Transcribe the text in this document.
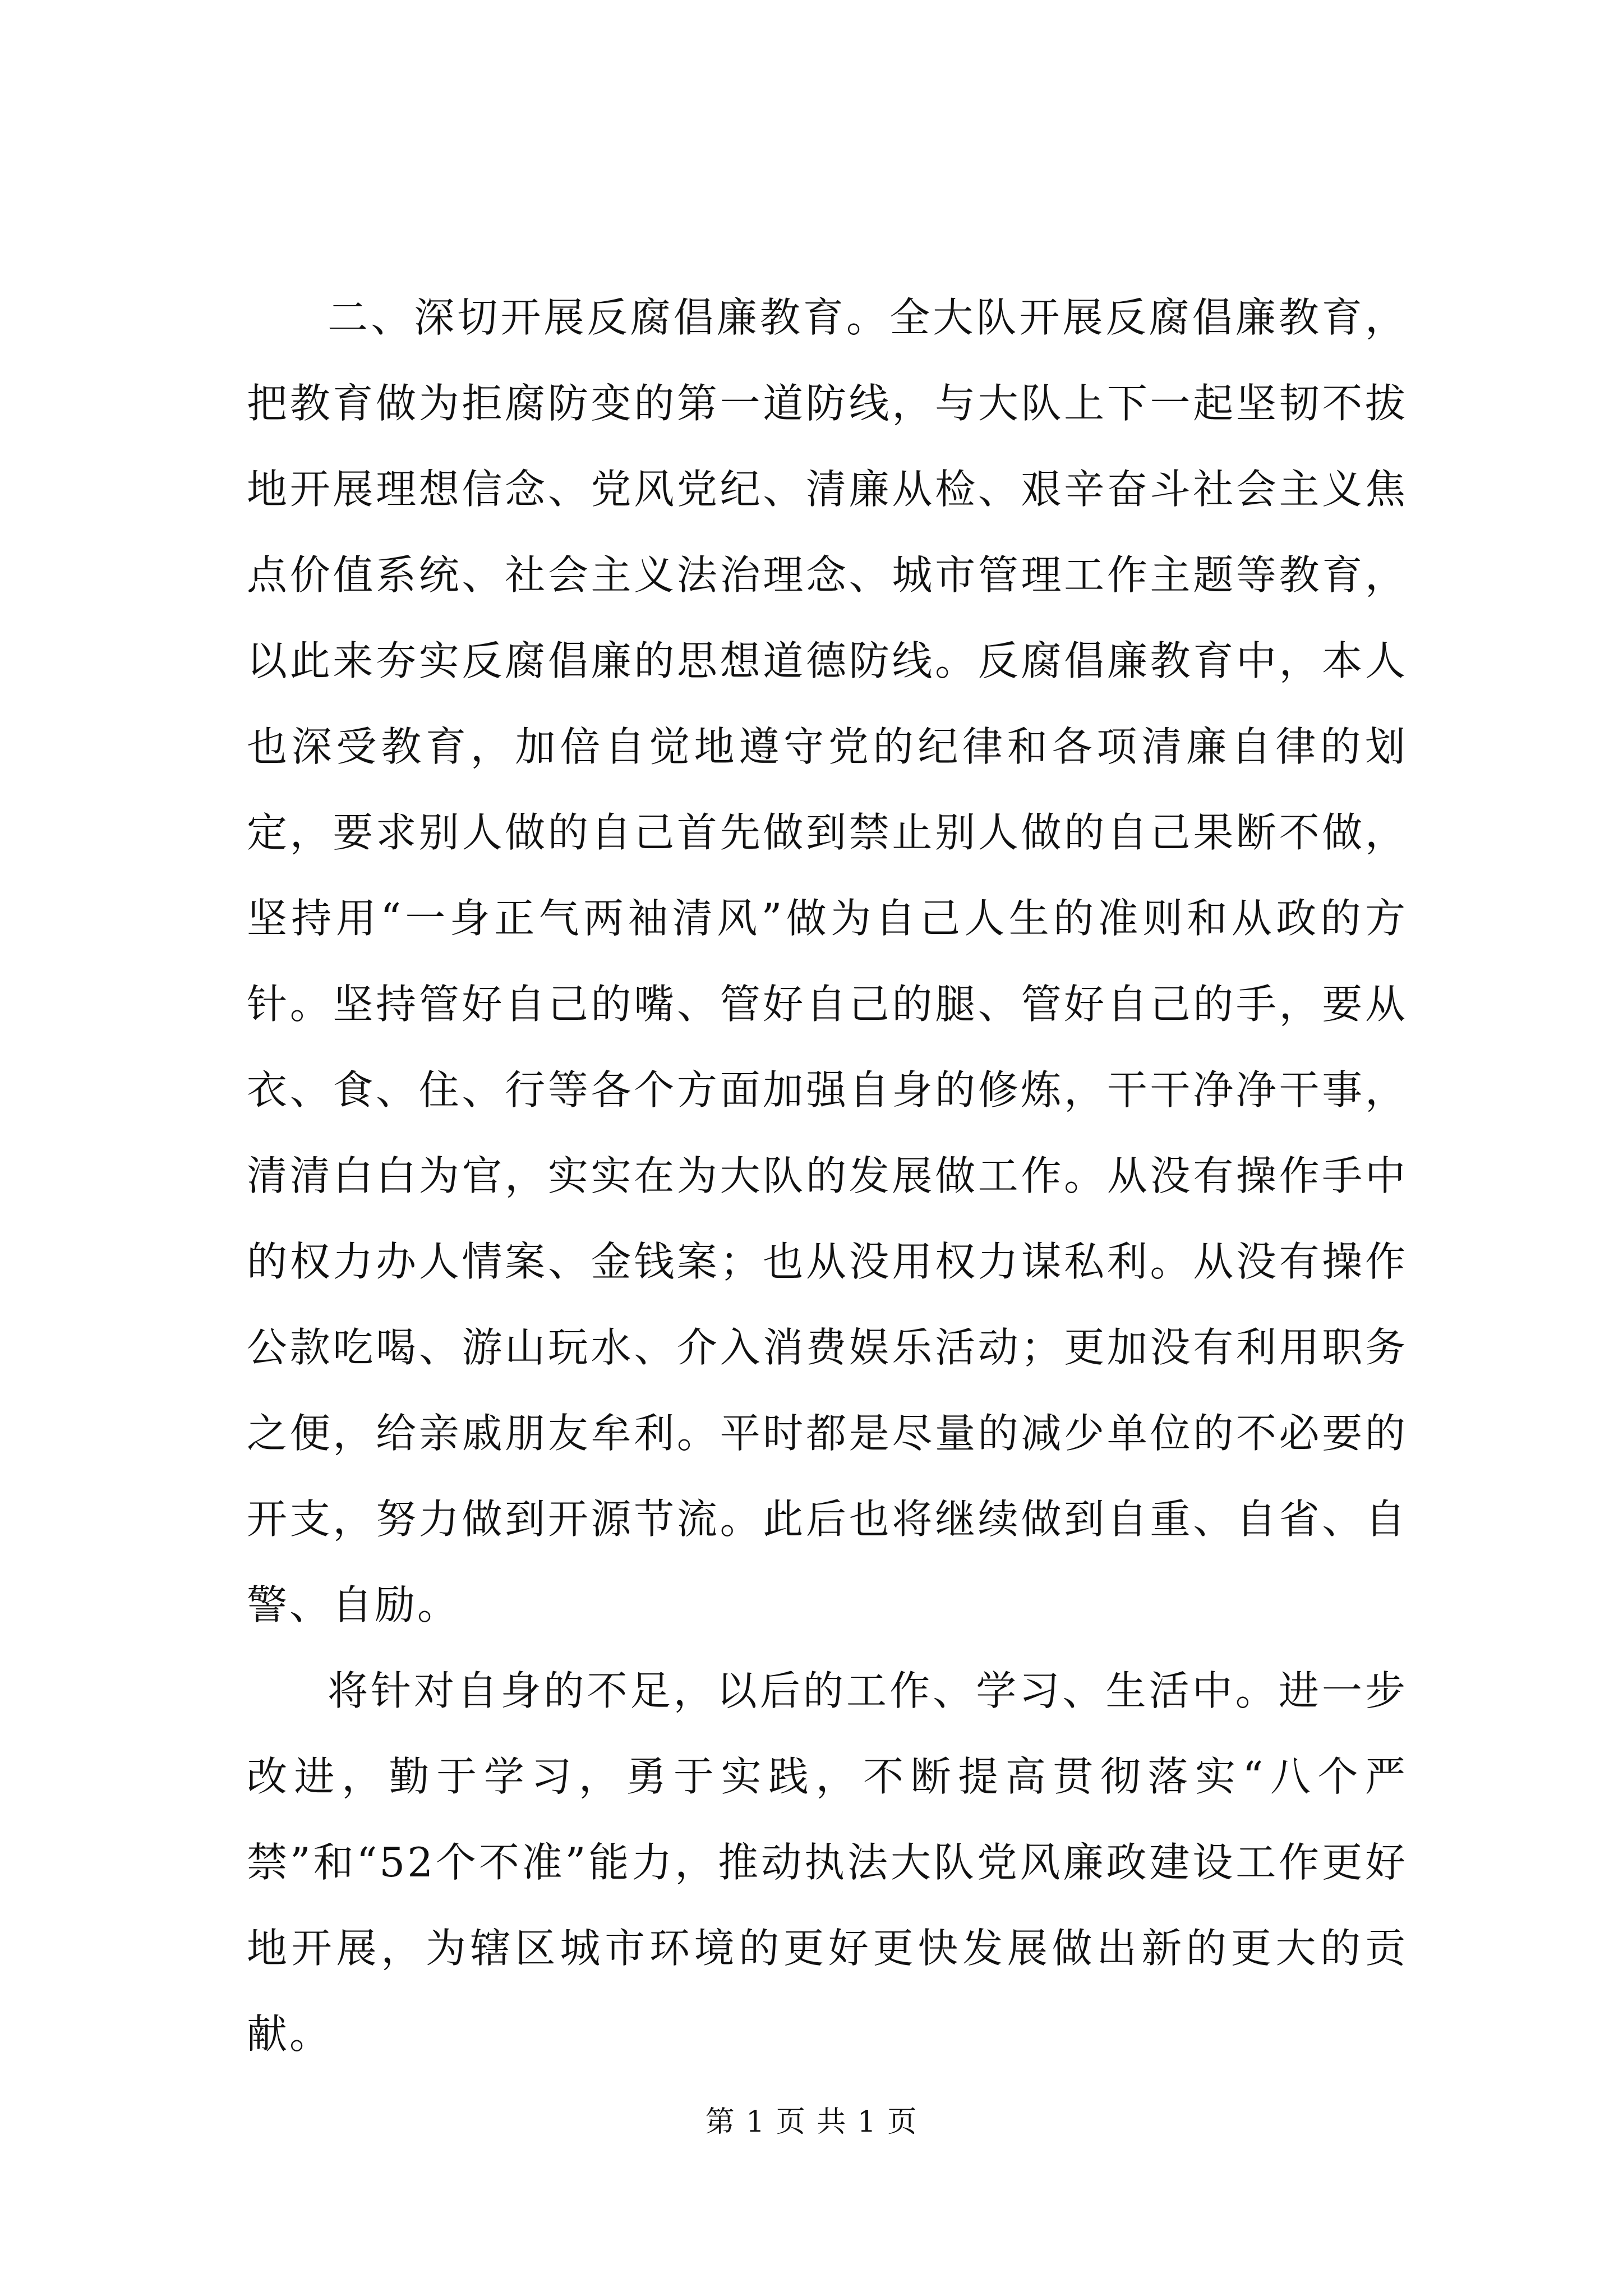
二、深切开展反腐倡廉教育。全大队开展反腐倡廉教育，把教育做为拒腐防变的第一道防线，与大队上下一起坚韧不拔地开展理想信念、党风党纪、清廉从检、艰辛奋斗社会主义焦点价值系统、社会主义法治理念、城市管理工作主题等教育，以此来夯实反腐倡廉的思想道德防线。反腐倡廉教育中，本人也深受教育，加倍自觉地遵守党的纪律和各项清廉自律的划定，要求别人做的自己首先做到禁止别人做的自己果断不做，坚持用“一身正气两袖清风”做为自己人生的准则和从政的方针。坚持管好自己的嘴、管好自己的腿、管好自己的手，要从衣、食、住、行等各个方面加强自身的修炼，干干净净干事，清清白白为官，实实在为大队的发展做工作。从没有操作手中的权力办人情案、金钱案；也从没用权力谋私利。从没有操作公款吃喝、游山玩水、介入消费娱乐活动；更加没有利用职务之便，给亲戚朋友牟利。平时都是尽量的减少单位的不必要的开支，努力做到开源节流。此后也将继续做到自重、自省、自警、自励。

将针对自身的不足，以后的工作、学习、生活中。进一步改进，勤于学习，勇于实践，不断提高贯彻落实“八个严禁”和“52个不准”能力，推动执法大队党风廉政建设工作更好地开展，为辖区城市环境的更好更快发展做出新的更大的贡献。

第 1 页 共 1 页
